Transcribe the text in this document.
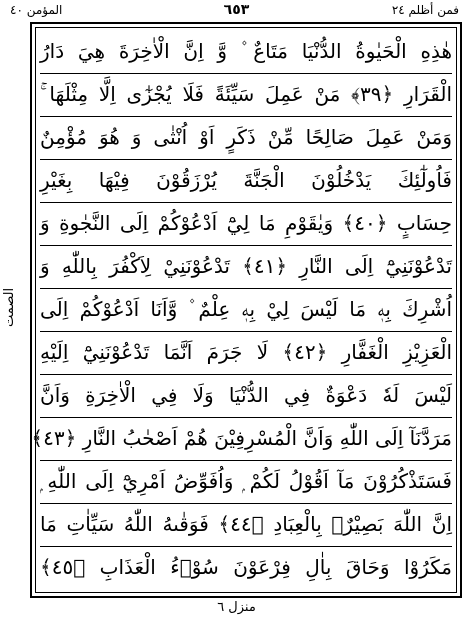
فمن أظلم ٢٤
٦٥٣
المؤمن ٤٠
هٰذِهِ الْحَيٰوةُ الدُّنْيَا مَتَاعٌ ۫ وَّ اِنَّ الْاٰخِرَةَ هِيَ دَارُ
الْقَرَارِ ﴿٣٩﴾ مَنْ عَمِلَ سَيِّئَةً فَلَا يُجْزٰٓى اِلَّا مِثْلَهَا ۚ
وَمَنْ عَمِلَ صَالِحًا مِّنْ ذَكَرٍ اَوْ اُنْثٰى وَ هُوَ مُؤْمِنٌ
فَاُولٰٓئِكَ يَدْخُلُوْنَ الْجَنَّةَ يُرْزَقُوْنَ فِيْهَا بِغَيْرِ
حِسَابٍ ﴿٤٠﴾ وَيٰقَوْمِ مَا لِيْٓ اَدْعُوْكُمْ اِلَى النَّجٰوةِ وَ
تَدْعُوْنَنِيْٓ اِلَى النَّارِ ﴿٤١﴾ تَدْعُوْنَنِيْ لِاَكْفُرَ بِاللّٰهِ وَ
اُشْرِكَ بِهٖ مَا لَيْسَ لِيْ بِهٖ عِلْمٌ ۫ وَّاَنَا اَدْعُوْكُمْ اِلَى
الْعَزِيْزِ الْغَفَّارِ ﴿٤٢﴾ لَا جَرَمَ اَنَّمَا تَدْعُوْنَنِيْٓ اِلَيْهِ
لَيْسَ لَهٗ دَعْوَةٌ فِي الدُّنْيَا وَلَا فِي الْاٰخِرَةِ وَاَنَّ
مَرَدَّنَآ اِلَى اللّٰهِ وَاَنَّ الْمُسْرِفِيْنَ هُمْ اَصْحٰبُ النَّارِ ﴿٤٣﴾
فَسَتَذْكُرُوْنَ مَآ اَقُوْلُ لَكُمْ ۭ وَاُفَوِّضُ اَمْرِيْٓ اِلَى اللّٰهِ ۭ
اِنَّ اللّٰهَ بَصِيْرٌۢ بِالْعِبَادِ ﴿٤٤﴾ فَوَقٰىهُ اللّٰهُ سَيِّاٰتِ مَا
مَكَرُوْا وَحَاقَ بِاٰلِ فِرْعَوْنَ سُوْۤءُ الْعَذَابِ ﴿٤٥﴾
الصمت
منزل ٦
